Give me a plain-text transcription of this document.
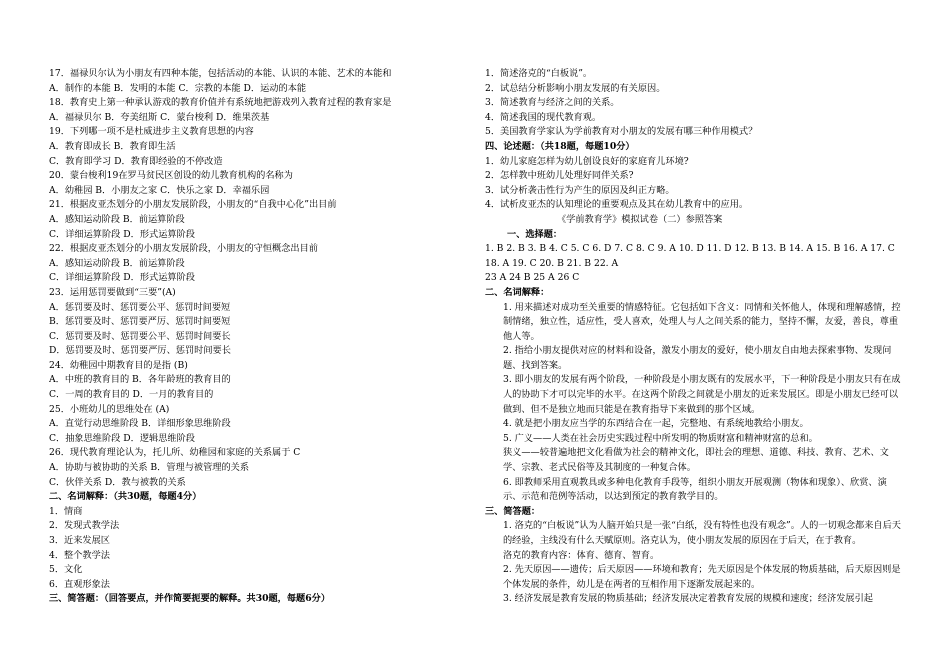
17．福禄贝尔认为小朋友有四种本能，包括活动的本能、认识的本能、艺术的本能和
A．制作的本能 B．发明的本能 C．宗教的本能 D．运动的本能
18．教育史上第一种承认游戏的教育价值并有系统地把游戏列入教育过程的教育家是
A．福禄贝尔 B．夸美纽斯 C．蒙台梭利 D．维果茨基
19．下列哪一项不是杜威进步主义教育思想的内容
A．教育即成长 B．教育即生活
C．教育即学习 D．教育即经验的不停改造
20．蒙台梭利19在罗马贫民区创设的幼儿教育机构的名称为
A．幼稚园 B．小朋友之家 C．快乐之家 D．幸福乐园
21．根据皮亚杰划分的小朋友发展阶段，小朋友的“自我中心化”出目前
A．感知运动阶段 B．前运算阶段
C．详细运算阶段 D．形式运算阶段
22．根据皮亚杰划分的小朋友发展阶段，小朋友的守恒概念出目前
A．感知运动阶段 B．前运算阶段
C．详细运算阶段 D．形式运算阶段
23．运用惩罚要做到“三要”(A)
A．惩罚要及时、惩罚要公平、惩罚时间要短
B．惩罚要及时、惩罚要严厉、惩罚时间要短
C．惩罚要及时、惩罚要公平、惩罚时间要长
D．惩罚要及时、惩罚要严厉、惩罚时间要长
24．幼稚园中期教育目的是指 (B)
A．中班的教育目的 B．各年龄班的教育目的
C．一周的教育目的 D．一月的教育目的
25．小班幼儿的思维处在 (A)
A．直觉行动思维阶段 B．详细形象思维阶段
C．抽象思维阶段 D．逻辑思维阶段
26．现代教育理论认为，托儿所、幼稚园和家庭的关系属于 C
A．协助与被协助的关系 B．管理与被管理的关系
C．伙伴关系 D．教与被教的关系
二、名词解释：（共30题，每题4分）
1．情商
2．发现式教学法
3．近来发展区
4．整个教学法
5．文化
6．直观形象法
三、简答题：（回答要点，并作简要扼要的解释。共30题，每题6分）
1．简述洛克的“白板说”。
2．试总结分析影响小朋友发展的有关原因。
3．简述教育与经济之间的关系。
4．简述我国的现代教育观。
5．美国教育学家认为学前教育对小朋友的发展有哪三种作用模式？
四、论述题：（共18题，每题10分）
1．幼儿家庭怎样为幼儿创设良好的家庭育儿环境?
2．怎样教中班幼儿处理好同伴关系?
3．试分析袭击性行为产生的原因及纠正方略。
4．试析皮亚杰的认知理论的重要观点及其在幼儿教育中的应用。
《学前教育学》模拟试卷（二）参照答案
一、选择题：
1. B 2. B 3. B 4. C 5. C 6. D 7. C 8. C 9. A 10. D 11. D 12. B 13. B 14. A 15. B 16. A 17. C
18. A 19. C 20. B 21. B 22. A
23 A 24 B 25 A 26 C
二、名词解释：
1. 用来描述对成功至关重要的情感特征。它包括如下含义：同情和关怀他人，体现和理解感情，控制情绪，独立性，适应性，受人喜欢，处理人与人之间关系的能力，坚持不懈，友爱，善良，尊重他人等。
2. 指给小朋友提供对应的材料和设备，激发小朋友的爱好，使小朋友自由地去探索事物、发现问题、找到答案。
3. 即小朋友的发展有两个阶段，一种阶段是小朋友既有的发展水平，下一种阶段是小朋友只有在成人的协助下才可以完毕的水平。在这两个阶段之间就是小朋友的近来发展区。即是小朋友已经可以做到、但不是独立地而只能是在教育指导下来做到的那个区域。
4. 就是把小朋友应当学的东西结合在一起，完整地、有系统地教给小朋友。
5. 广义——人类在社会历史实践过程中所发明的物质财富和精神财富的总和。
狭义——较普遍地把文化看做为社会的精神文化，即社会的理想、道德、科技、教育、艺术、文学、宗教、老式民俗等及其制度的一种复合体。
6. 即教师采用直观教具或多种电化教育手段等，组织小朋友开展观测（物体和现象）、欣赏、演示、示范和范例等活动，以达到预定的教育教学目的。
三、简答题：
1. 洛克的“白板说”认为人脑开始只是一张“白纸，没有特性也没有观念”。人的一切观念都来自后天的经验，主线没有什么天赋原则。洛克认为，使小朋友发展的原因在于后天，在于教育。
洛克的教育内容：体育、德育、智育。
2. 先天原因——遗传；后天原因——环境和教育；先天原因是个体发展的物质基础，后天原因则是个体发展的条件，幼儿是在两者的互相作用下逐渐发展起来的。
3. 经济发展是教育发展的物质基础；经济发展决定着教育发展的规模和速度；经济发展引起
